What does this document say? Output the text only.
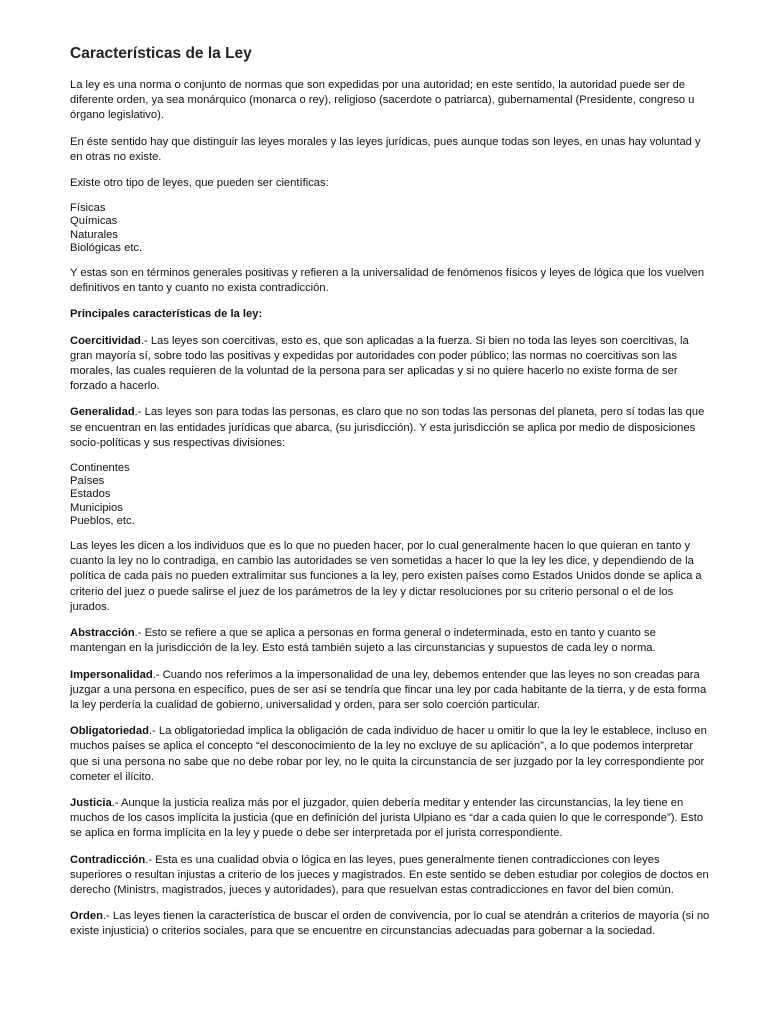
Características de la Ley

La ley es una norma o conjunto de normas que son expedidas por una autoridad; en este sentido, la autoridad puede ser de diferente orden, ya sea monárquico (monarca o rey), religioso (sacerdote o patriarca), gubernamental (Presidente, congreso u órgano legislativo).

En éste sentido hay que distinguir las leyes morales y las leyes jurídicas, pues aunque todas son leyes, en unas hay voluntad y en otras no existe.

Existe otro tipo de leyes, que pueden ser científicas:

Físicas
Químicas
Naturales
Biológicas etc.

Y estas son en términos generales positivas y refieren a la universalidad de fenómenos físicos y leyes de lógica que los vuelven definitivos en tanto y cuanto no exista contradicción.

Principales características de la ley:

Coercitividad.- Las leyes son coercitivas, esto es, que son aplicadas a la fuerza. Si bien no toda las leyes son coercitivas, la gran mayoría sí, sobre todo las positivas y expedidas por autoridades con poder público; las normas no coercitivas son las morales, las cuales requieren de la voluntad de la persona para ser aplicadas y si no quiere hacerlo no existe forma de ser forzado a hacerlo.

Generalidad.- Las leyes son para todas las personas, es claro que no son todas las personas del planeta, pero sí todas las que se encuentran en las entidades jurídicas que abarca, (su jurisdicción). Y esta jurisdicción se aplica por medio de disposiciones socio-políticas y sus respectivas divisiones:

Continentes
Países
Estados
Municipios
Pueblos, etc.

Las leyes les dicen a los individuos que es lo que no pueden hacer, por lo cual generalmente hacen lo que quieran en tanto y cuanto la ley no lo contradiga, en cambio las autoridades se ven sometidas a hacer lo que la ley les dice, y dependiendo de la política de cada país no pueden extralimitar sus funciones a la ley, pero existen países como Estados Unidos donde se aplica a criterio del juez o puede salirse el juez de los parámetros de la ley y dictar resoluciones por su criterio personal o el de los jurados.

Abstracción.- Esto se refiere a que se aplica a personas en forma general o indeterminada, esto en tanto y cuanto se mantengan en la jurisdicción de la ley. Esto está también sujeto a las circunstancias y supuestos de cada ley o norma.

Impersonalidad.- Cuando nos referimos a la impersonalidad de una ley, debemos entender que las leyes no son creadas para juzgar a una persona en específico, pues de ser así se tendría que fincar una ley por cada habitante de la tierra, y de esta forma la ley perdería la cualidad de gobierno, universalidad y orden, para ser solo coerción particular.

Obligatoriedad.- La obligatoriedad implica la obligación de cada individuo de hacer u omitir lo que la ley le establece, incluso en muchos países se aplica el concepto “el desconocimiento de la ley no excluye de su aplicación”, a lo que podemos interpretar que si una persona no sabe que no debe robar por ley, no le quita la circunstancia de ser juzgado por la ley correspondiente por cometer el ilícito.

Justicia.- Aunque la justicia realiza más por el juzgador, quien debería meditar y entender las circunstancias, la ley tiene en muchos de los casos implícita la justicia (que en definición del jurista Ulpiano es “dar a cada quien lo que le corresponde”). Esto se aplica en forma implícita en la ley y puede o debe ser interpretada por el jurista correspondiente.

Contradicción.- Esta es una cualidad obvia o lógica en las leyes, pues generalmente tienen contradicciones con leyes superiores o resultan injustas a criterio de los jueces y magistrados. En este sentido se deben estudiar por colegios de doctos en derecho (Ministrs, magistrados, jueces y autoridades), para que resuelvan estas contradicciones en favor del bien común.

Orden.- Las leyes tienen la característica de buscar el orden de convivencia, por lo cual se atendrán a criterios de mayoría (si no existe injusticia) o criterios sociales, para que se encuentre en circunstancias adecuadas para gobernar a la sociedad.
